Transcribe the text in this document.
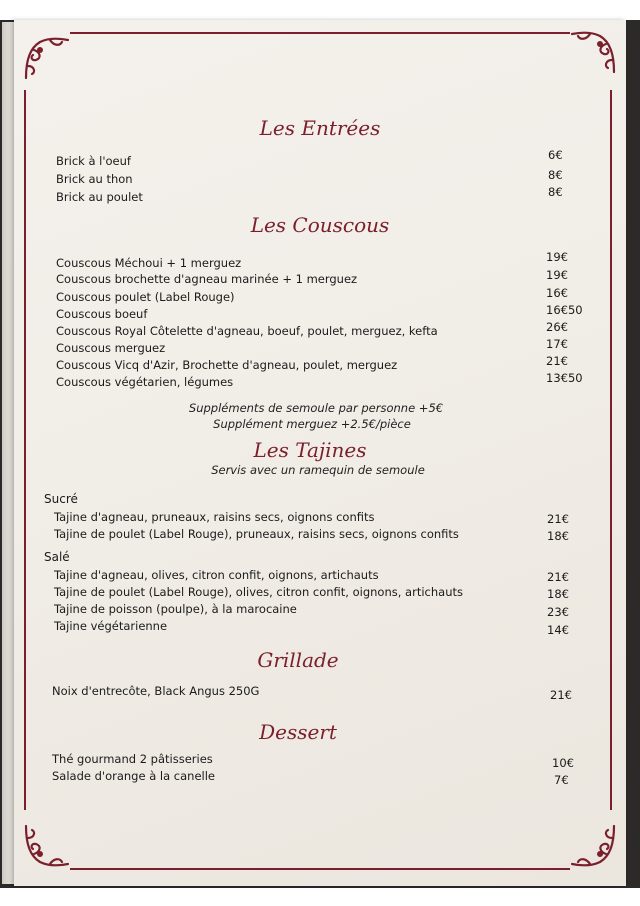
Les Entrées
Brick à l'oeuf	6€
Brick au thon	8€
Brick au poulet	8€
Les Couscous
Couscous Méchoui + 1 merguez	19€
Couscous brochette d'agneau marinée + 1 merguez	19€
Couscous poulet (Label Rouge)	16€
Couscous boeuf	16€50
Couscous Royal Côtelette d'agneau, boeuf, poulet, merguez, kefta	26€
Couscous merguez	17€
Couscous Vicq d'Azir, Brochette d'agneau, poulet, merguez	21€
Couscous végétarien, légumes	13€50
Suppléments de semoule par personne +5€
Supplément merguez +2.5€/pièce
Les Tajines
Servis avec un ramequin de semoule
Sucré
Tajine d'agneau, pruneaux, raisins secs, oignons confits	21€
Tajine de poulet (Label Rouge), pruneaux, raisins secs, oignons confits	18€
Salé
Tajine d'agneau, olives, citron confit, oignons, artichauts	21€
Tajine de poulet (Label Rouge), olives, citron confit, oignons, artichauts	18€
Tajine de poisson (poulpe), à la marocaine	23€
Tajine végétarienne	14€
Grillade
Noix d'entrecôte, Black Angus 250G	21€
Dessert
Thé gourmand 2 pâtisseries	10€
Salade d'orange à la canelle	7€
